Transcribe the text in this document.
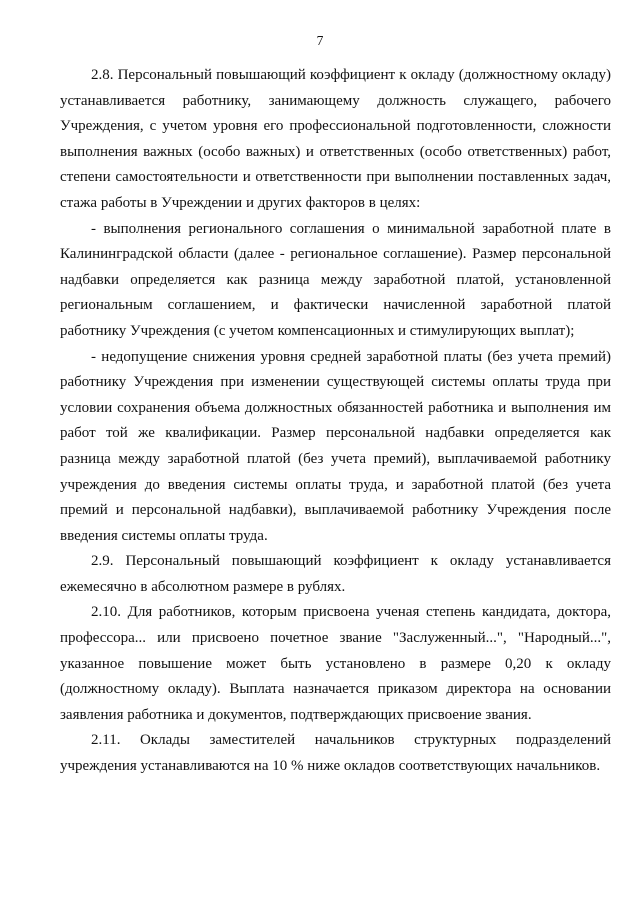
7

2.8. Персональный повышающий коэффициент к окладу (должностному окладу) устанавливается работнику, занимающему должность служащего, рабочего Учреждения, с учетом уровня его профессиональной подготовленности, сложности выполнения важных (особо важных) и ответственных (особо ответственных) работ, степени самостоятельности и ответственности при выполнении поставленных задач, стажа работы в Учреждении и других факторов в целях:

- выполнения регионального соглашения о минимальной заработной плате в Калининградской области (далее - региональное соглашение). Размер персональной надбавки определяется как разница между заработной платой, установленной региональным соглашением, и фактически начисленной заработной платой работнику Учреждения (с учетом компенсационных и стимулирующих выплат);

- недопущение снижения уровня средней заработной платы (без учета премий) работнику Учреждения при изменении существующей системы оплаты труда при условии сохранения объема должностных обязанностей работника и выполнения им работ той же квалификации. Размер персональной надбавки определяется как разница между заработной платой (без учета премий), выплачиваемой работнику учреждения до введения системы оплаты труда, и заработной платой (без учета премий и персональной надбавки), выплачиваемой работнику Учреждения после введения системы оплаты труда.

2.9. Персональный повышающий коэффициент к окладу устанавливается ежемесячно в абсолютном размере в рублях.

2.10. Для работников, которым присвоена ученая степень кандидата, доктора, профессора... или присвоено почетное звание "Заслуженный...", "Народный...", указанное повышение может быть установлено в размере 0,20 к окладу (должностному окладу). Выплата назначается приказом директора на основании заявления работника и документов, подтверждающих присвоение звания.

2.11. Оклады заместителей начальников структурных подразделений учреждения устанавливаются на 10 % ниже окладов соответствующих начальников.
